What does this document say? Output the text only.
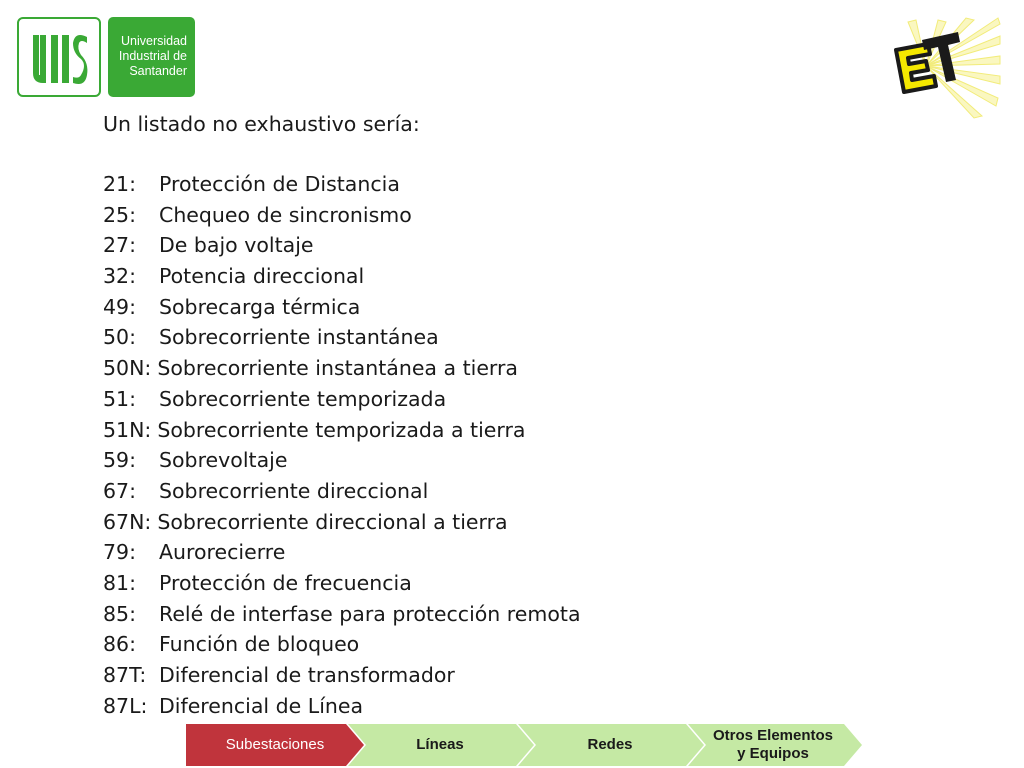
Universidad
Industrial de
Santander
Un listado no exhaustivo sería:
21: Protección de Distancia
25: Chequeo de sincronismo
27: De bajo voltaje
32: Potencia direccional
49: Sobrecarga térmica
50: Sobrecorriente instantánea
50N: Sobrecorriente instantánea a tierra
51: Sobrecorriente temporizada
51N: Sobrecorriente temporizada a tierra
59: Sobrevoltaje
67: Sobrecorriente direccional
67N: Sobrecorriente direccional a tierra
79: Aurorecierre
81: Protección de frecuencia
85: Relé de interfase para protección remota
86: Función de bloqueo
87T: Diferencial de transformador
87L: Diferencial de Línea
Subestaciones	Líneas	Redes
Otros Elementos
y Equipos
